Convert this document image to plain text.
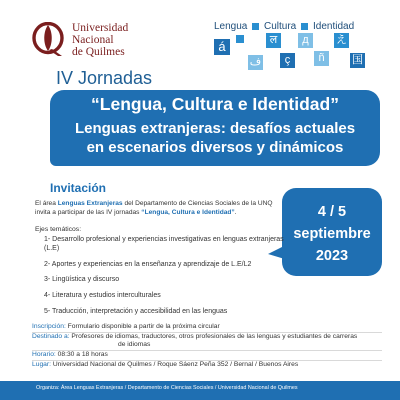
Universidad
Nacional
de Quilmes
Lengua Cultura Identidad
á	ल	д	え
ف	ç	ñ	国
IV Jornadas
“Lengua, Cultura e Identidad”
Lenguas extranjeras: desafíos actuales
en escenarios diversos y dinámicos
Invitación
El área Lenguas Extranjeras del Departamento de Ciencias Sociales de la UNQ invita a participar de las IV jornadas “Lengua, Cultura e Identidad”.	4 / 5
septiembre
2023
Ejes temáticos:
1- Desarrollo profesional y experiencias investigativas en lenguas extranjeras (L.E)
2- Aportes y experiencias en la enseñanza y aprendizaje de L.E/L2
3- Lingüística y discurso
4- Literatura y estudios interculturales
5- Traducción, interpretación y accesibilidad en las lenguas
Inscripción: Formulario disponible a partir de la próxima circular
Destinado a: Profesores de idiomas, traductores, otros profesionales de las lenguas y estudiantes de carreras
de idiomas
Horario: 08:30 a 18 horas
Lugar: Universidad Nacional de Quilmes / Roque Sáenz Peña 352 / Bernal / Buenos Aires
Organiza: Área Lenguas Extranjeras / Departamento de Ciencias Sociales / Universidad Nacional de Quilmes
